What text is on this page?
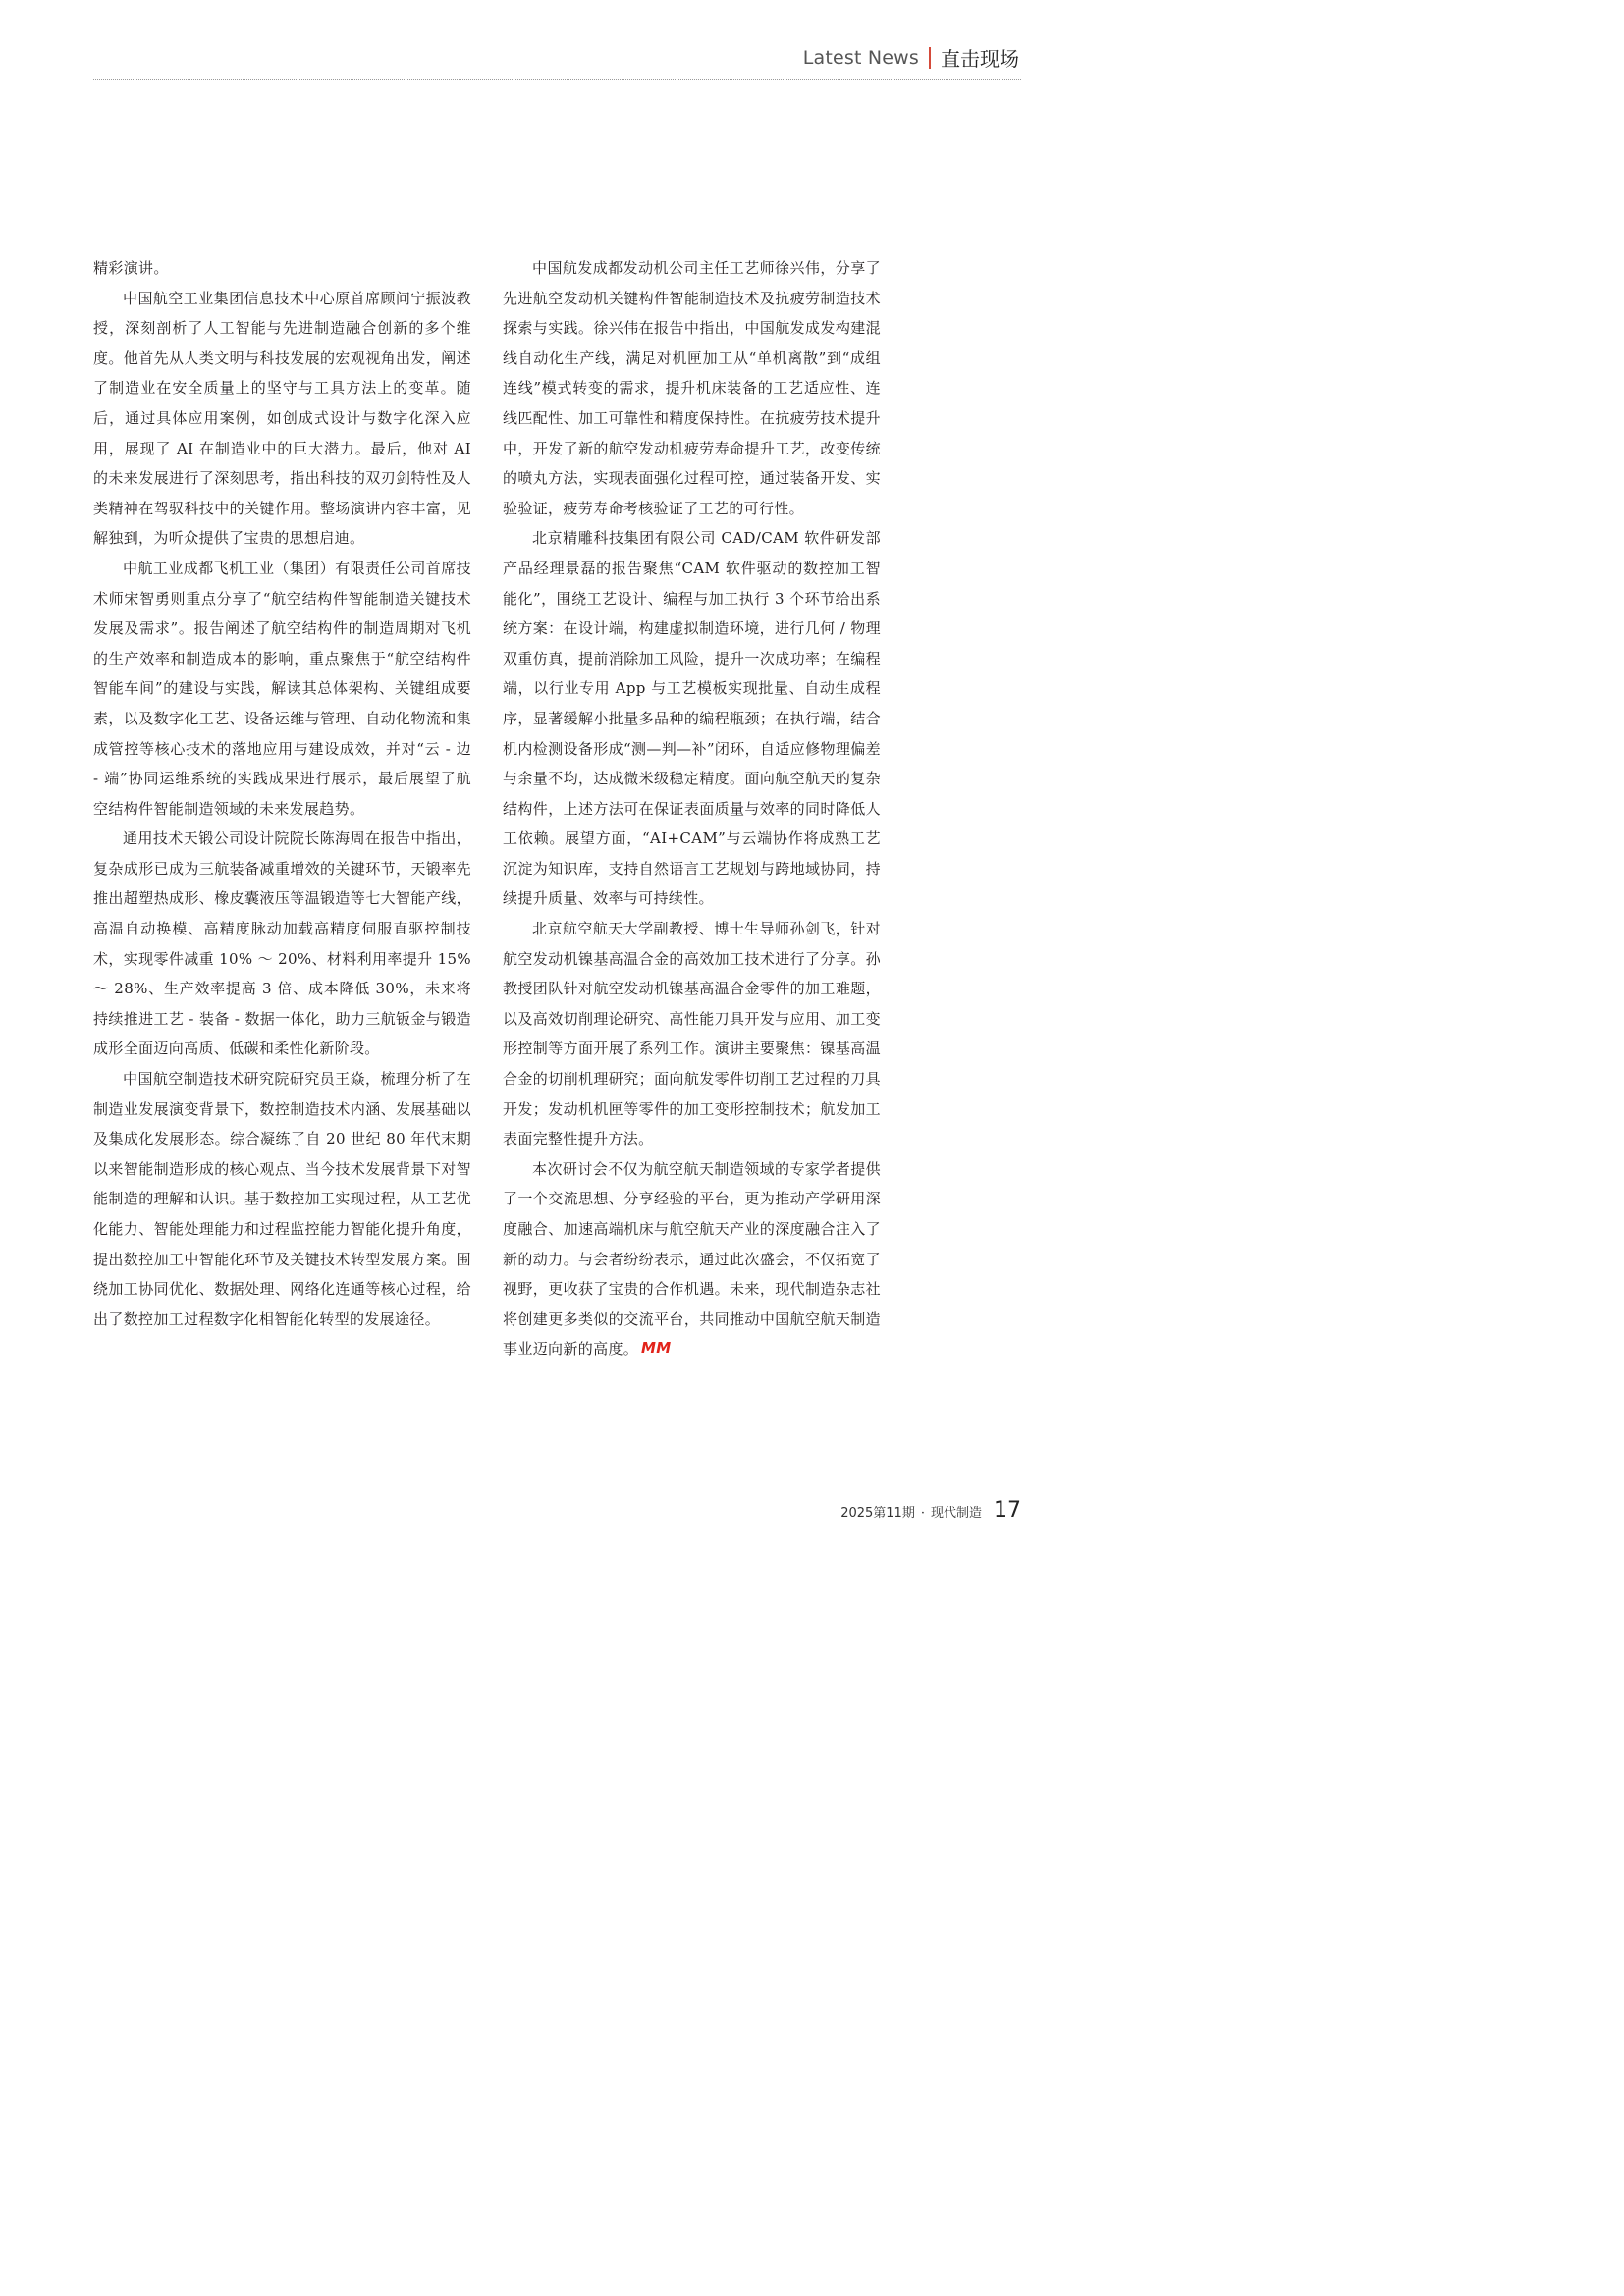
Latest News 直击现场

精彩演讲。

中国航空工业集团信息技术中心原首席顾问宁振波教授，深刻剖析了人工智能与先进制造融合创新的多个维度。他首先从人类文明与科技发展的宏观视角出发，阐述了制造业在安全质量上的坚守与工具方法上的变革。随后，通过具体应用案例，如创成式设计与数字化深入应用，展现了 AI 在制造业中的巨大潜力。最后，他对 AI 的未来发展进行了深刻思考，指出科技的双刃剑特性及人类精神在驾驭科技中的关键作用。整场演讲内容丰富，见解独到，为听众提供了宝贵的思想启迪。

中航工业成都飞机工业（集团）有限责任公司首席技术师宋智勇则重点分享了“航空结构件智能制造关键技术发展及需求”。报告阐述了航空结构件的制造周期对飞机的生产效率和制造成本的影响，重点聚焦于“航空结构件智能车间”的建设与实践，解读其总体架构、关键组成要素，以及数字化工艺、设备运维与管理、自动化物流和集成管控等核心技术的落地应用与建设成效，并对“云 - 边 - 端”协同运维系统的实践成果进行展示，最后展望了航空结构件智能制造领域的未来发展趋势。

通用技术天锻公司设计院院长陈海周在报告中指出，复杂成形已成为三航装备减重增效的关键环节，天锻率先推出超塑热成形、橡皮囊液压等温锻造等七大智能产线，高温自动换模、高精度脉动加载高精度伺服直驱控制技术，实现零件减重 10% ～ 20%、材料利用率提升 15% ～ 28%、生产效率提高 3 倍、成本降低 30%，未来将持续推进工艺 - 装备 - 数据一体化，助力三航钣金与锻造成形全面迈向高质、低碳和柔性化新阶段。

中国航空制造技术研究院研究员王焱，梳理分析了在制造业发展演变背景下，数控制造技术内涵、发展基础以及集成化发展形态。综合凝练了自 20 世纪 80 年代末期以来智能制造形成的核心观点、当今技术发展背景下对智能制造的理解和认识。基于数控加工实现过程，从工艺优化能力、智能处理能力和过程监控能力智能化提升角度，提出数控加工中智能化环节及关键技术转型发展方案。围绕加工协同优化、数据处理、网络化连通等核心过程，给出了数控加工过程数字化相智能化转型的发展途径。

中国航发成都发动机公司主任工艺师徐兴伟，分享了先进航空发动机关键构件智能制造技术及抗疲劳制造技术探索与实践。徐兴伟在报告中指出，中国航发成发构建混线自动化生产线，满足对机匣加工从“单机离散”到“成组连线”模式转变的需求，提升机床装备的工艺适应性、连线匹配性、加工可靠性和精度保持性。在抗疲劳技术提升中，开发了新的航空发动机疲劳寿命提升工艺，改变传统的喷丸方法，实现表面强化过程可控，通过装备开发、实验验证，疲劳寿命考核验证了工艺的可行性。

北京精雕科技集团有限公司 CAD/CAM 软件研发部产品经理景磊的报告聚焦“CAM 软件驱动的数控加工智能化”，围绕工艺设计、编程与加工执行 3 个环节给出系统方案：在设计端，构建虚拟制造环境，进行几何 / 物理双重仿真，提前消除加工风险，提升一次成功率；在编程端，以行业专用 App 与工艺模板实现批量、自动生成程序，显著缓解小批量多品种的编程瓶颈；在执行端，结合机内检测设备形成“测—判—补”闭环，自适应修物理偏差与余量不均，达成微米级稳定精度。面向航空航天的复杂结构件，上述方法可在保证表面质量与效率的同时降低人工依赖。展望方面，“AI+CAM”与云端协作将成熟工艺沉淀为知识库，支持自然语言工艺规划与跨地域协同，持续提升质量、效率与可持续性。

北京航空航天大学副教授、博士生导师孙剑飞，针对航空发动机镍基高温合金的高效加工技术进行了分享。孙教授团队针对航空发动机镍基高温合金零件的加工难题，以及高效切削理论研究、高性能刀具开发与应用、加工变形控制等方面开展了系列工作。演讲主要聚焦：镍基高温合金的切削机理研究；面向航发零件切削工艺过程的刀具开发；发动机机匣等零件的加工变形控制技术；航发加工表面完整性提升方法。

本次研讨会不仅为航空航天制造领域的专家学者提供了一个交流思想、分享经验的平台，更为推动产学研用深度融合、加速高端机床与航空航天产业的深度融合注入了新的动力。与会者纷纷表示，通过此次盛会，不仅拓宽了视野，更收获了宝贵的合作机遇。未来，现代制造杂志社将创建更多类似的交流平台，共同推动中国航空航天制造事业迈向新的高度。 MM

2025第11期 · 现代制造 17
